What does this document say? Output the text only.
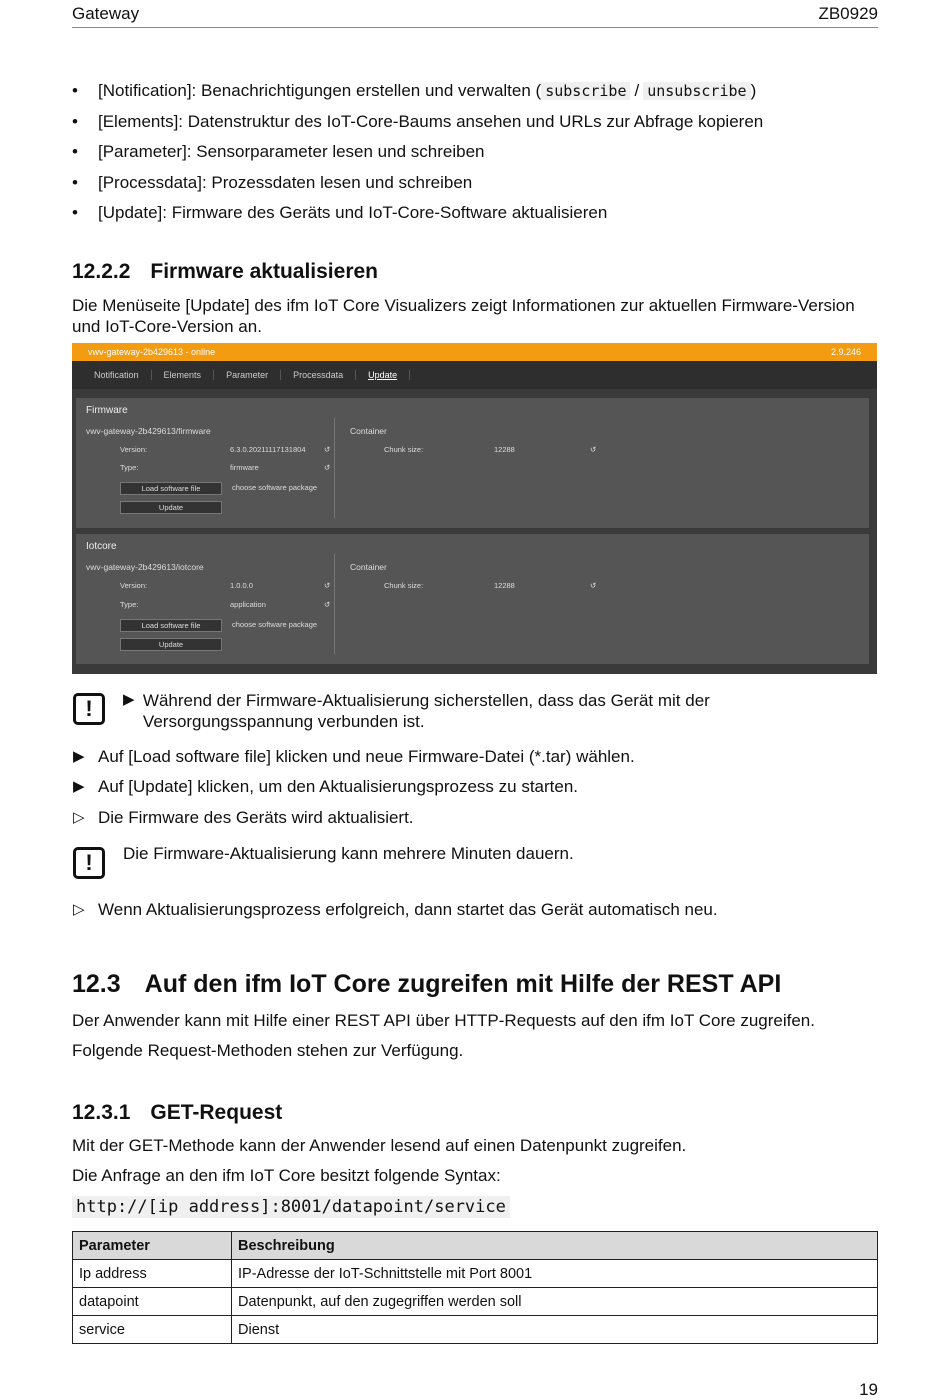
Gateway	ZB0929
•	[Notification]: Benachrichtigungen erstellen und verwalten ( subscribe / unsubscribe )
•	[Elements]: Datenstruktur des IoT-Core-Baums ansehen und URLs zur Abfrage kopieren
•	[Parameter]: Sensorparameter lesen und schreiben
•	[Processdata]: Prozessdaten lesen und schreiben
•	[Update]: Firmware des Geräts und IoT-Core-Software aktualisieren
12.2.2 Firmware aktualisieren
Die Menüseite [Update] des ifm IoT Core Visualizers zeigt Informationen zur aktuellen Firmware-Version und IoT-Core-Version an.
vwv-gateway-2b429613 - online	2.9.246
Notification	Elements	Parameter	Processdata	Update
Firmware
vwv-gateway-2b429613/firmware
Version:	6.3.0.20211117131804 ↺
Type:	firmware	↺
Load software file	choose software package
Update
Container
Chunk size:	12288	↺
Iotcore
vwv-gateway-2b429613/iotcore
Version:	1.0.0.0	↺
Type:	application	↺
Load software file	choose software package
Update
Container
Chunk size:	12288	↺
!	▶ Während der Firmware-Aktualisierung sicherstellen, dass das Gerät mit der Versorgungsspannung verbunden ist.
▶ Auf [Load software file] klicken und neue Firmware-Datei (*.tar) wählen.
▶ Auf [Update] klicken, um den Aktualisierungsprozess zu starten.
▷ Die Firmware des Geräts wird aktualisiert.
!	Die Firmware-Aktualisierung kann mehrere Minuten dauern.
▷ Wenn Aktualisierungsprozess erfolgreich, dann startet das Gerät automatisch neu.
12.3 Auf den ifm IoT Core zugreifen mit Hilfe der REST API
Der Anwender kann mit Hilfe einer REST API über HTTP-Requests auf den ifm IoT Core zugreifen.
Folgende Request-Methoden stehen zur Verfügung.
12.3.1 GET-Request
Mit der GET-Methode kann der Anwender lesend auf einen Datenpunkt zugreifen.
Die Anfrage an den ifm IoT Core besitzt folgende Syntax:
http://[ip address]:8001/datapoint/service
Parameter	Beschreibung
Ip address	IP-Adresse der IoT-Schnittstelle mit Port 8001
datapoint	Datenpunkt, auf den zugegriffen werden soll
service	Dienst
19
